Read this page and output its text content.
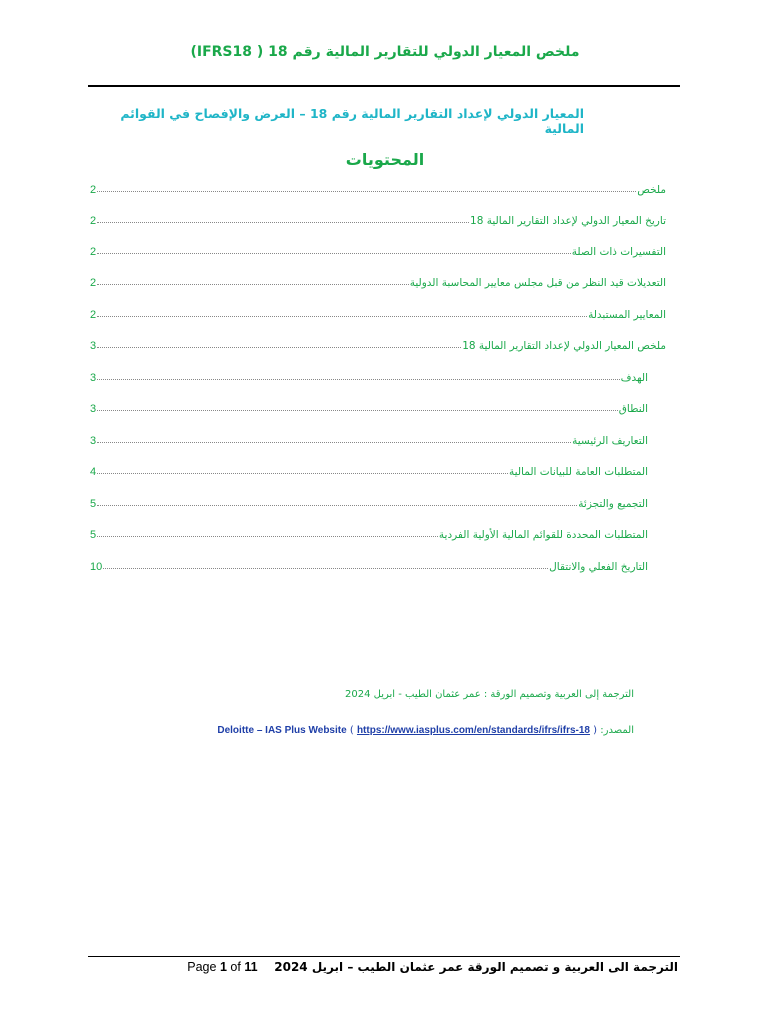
ملخص المعيار الدولي للتقارير المالية رقم 18 ( IFRS18)
المعيار الدولي لإعداد التقارير المالية رقم 18 – العرض والإفصاح في القوائم المالية
المحتويات
ملخص
2
تاريخ المعيار الدولي لإعداد التقارير المالية 18
2
التفسيرات ذات الصلة
2
التعديلات قيد النظر من قبل مجلس معايير المحاسبة الدولية
2
المعايير المستبدلة
2
ملخص المعيار الدولي لإعداد التقارير المالية 18
3
الهدف
3
النطاق
3
التعاريف الرئيسية
3
المتطلبات العامة للبيانات المالية
4
التجميع والتجزئة
5
المتطلبات المحددة للقوائم المالية الأولية الفردية
5
التاريخ الفعلي والانتقال
10
الترجمة إلى العربية وتصميم الورقة : عمر عثمان الطيب - ابريل 2024
المصدر: Deloitte – IAS Plus Website ( https://www.iasplus.com/en/standards/ifrs/ifrs-18 )
الترجمة الى العربية و تصميم الورقة عمر عثمان الطيب – ابريل 2024    Page 1 of 11
